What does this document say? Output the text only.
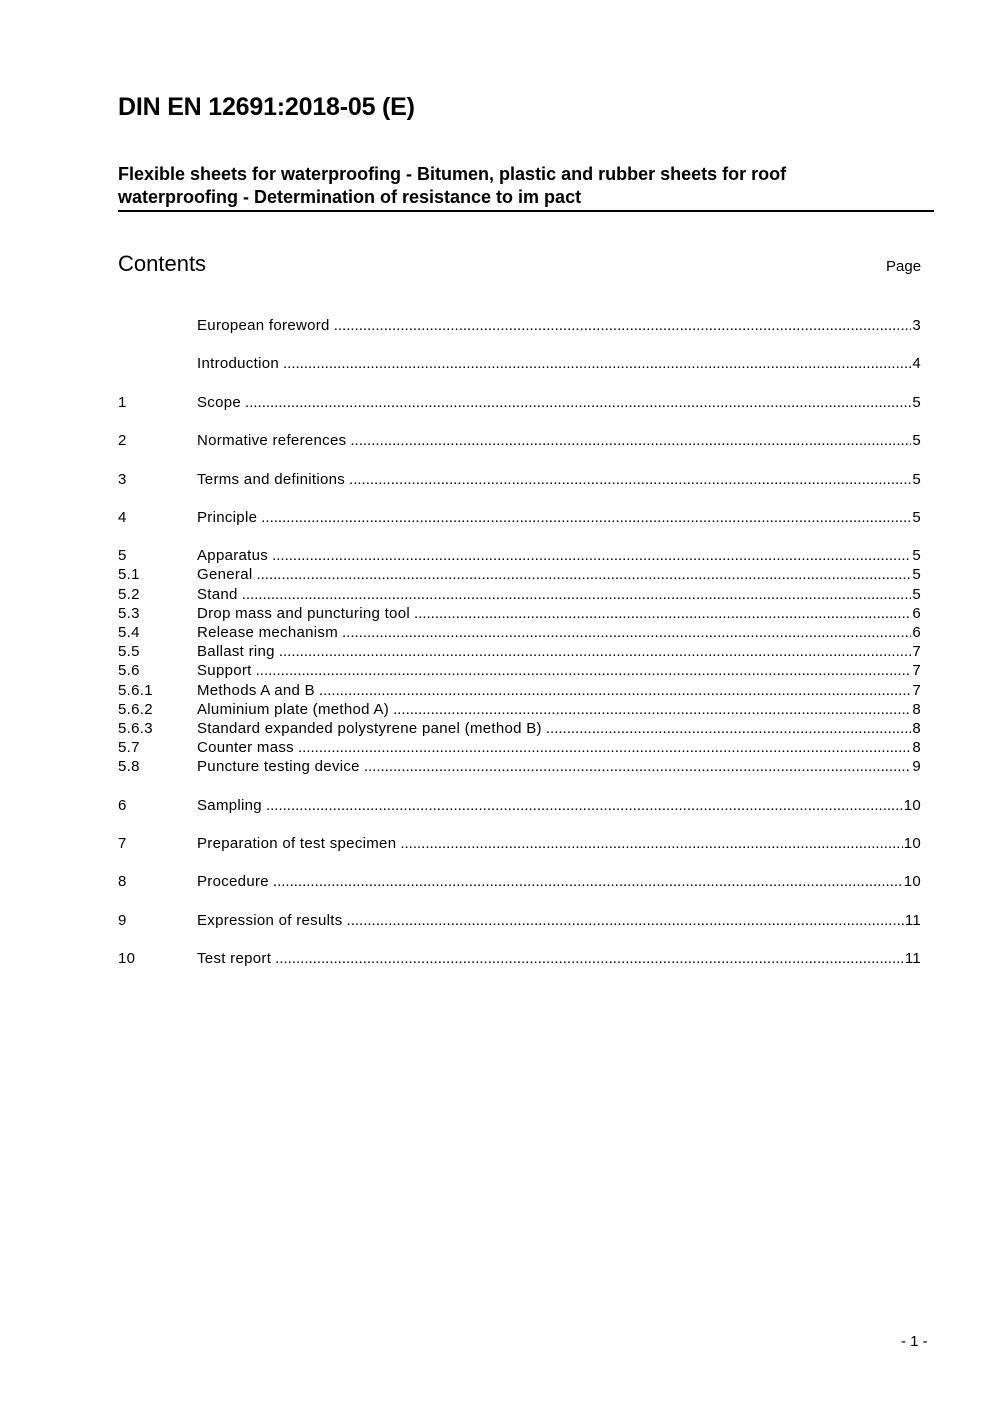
DIN EN 12691:2018-05 (E)
Flexible sheets for waterproofing - Bitumen, plastic and rubber sheets for roof
waterproofing - Determination of resistance to im pact
Contents	Page
European foreword .....	3
Introduction .....	4
1	Scope .....	5
2	Normative references .....	5
3	Terms and definitions .....	5
4	Principle .....	5
5	Apparatus .....	5
5.1	General .....	5
5.2	Stand .....	5
5.3	Drop mass and puncturing tool .....	6
5.4	Release mechanism .....	6
5.5	Ballast ring .....	7
5.6	Support .....	7
5.6.1	Methods A and B .....	7
5.6.2	Aluminium plate (method A) .....	8
5.6.3	Standard expanded polystyrene panel (method B) .....	8
5.7	Counter mass .....	8
5.8	Puncture testing device .....	9
6	Sampling .....	10
7	Preparation of test specimen .....	10
8	Procedure .....	10
9	Expression of results .....	11
10	Test report .....	11
- 1 -
